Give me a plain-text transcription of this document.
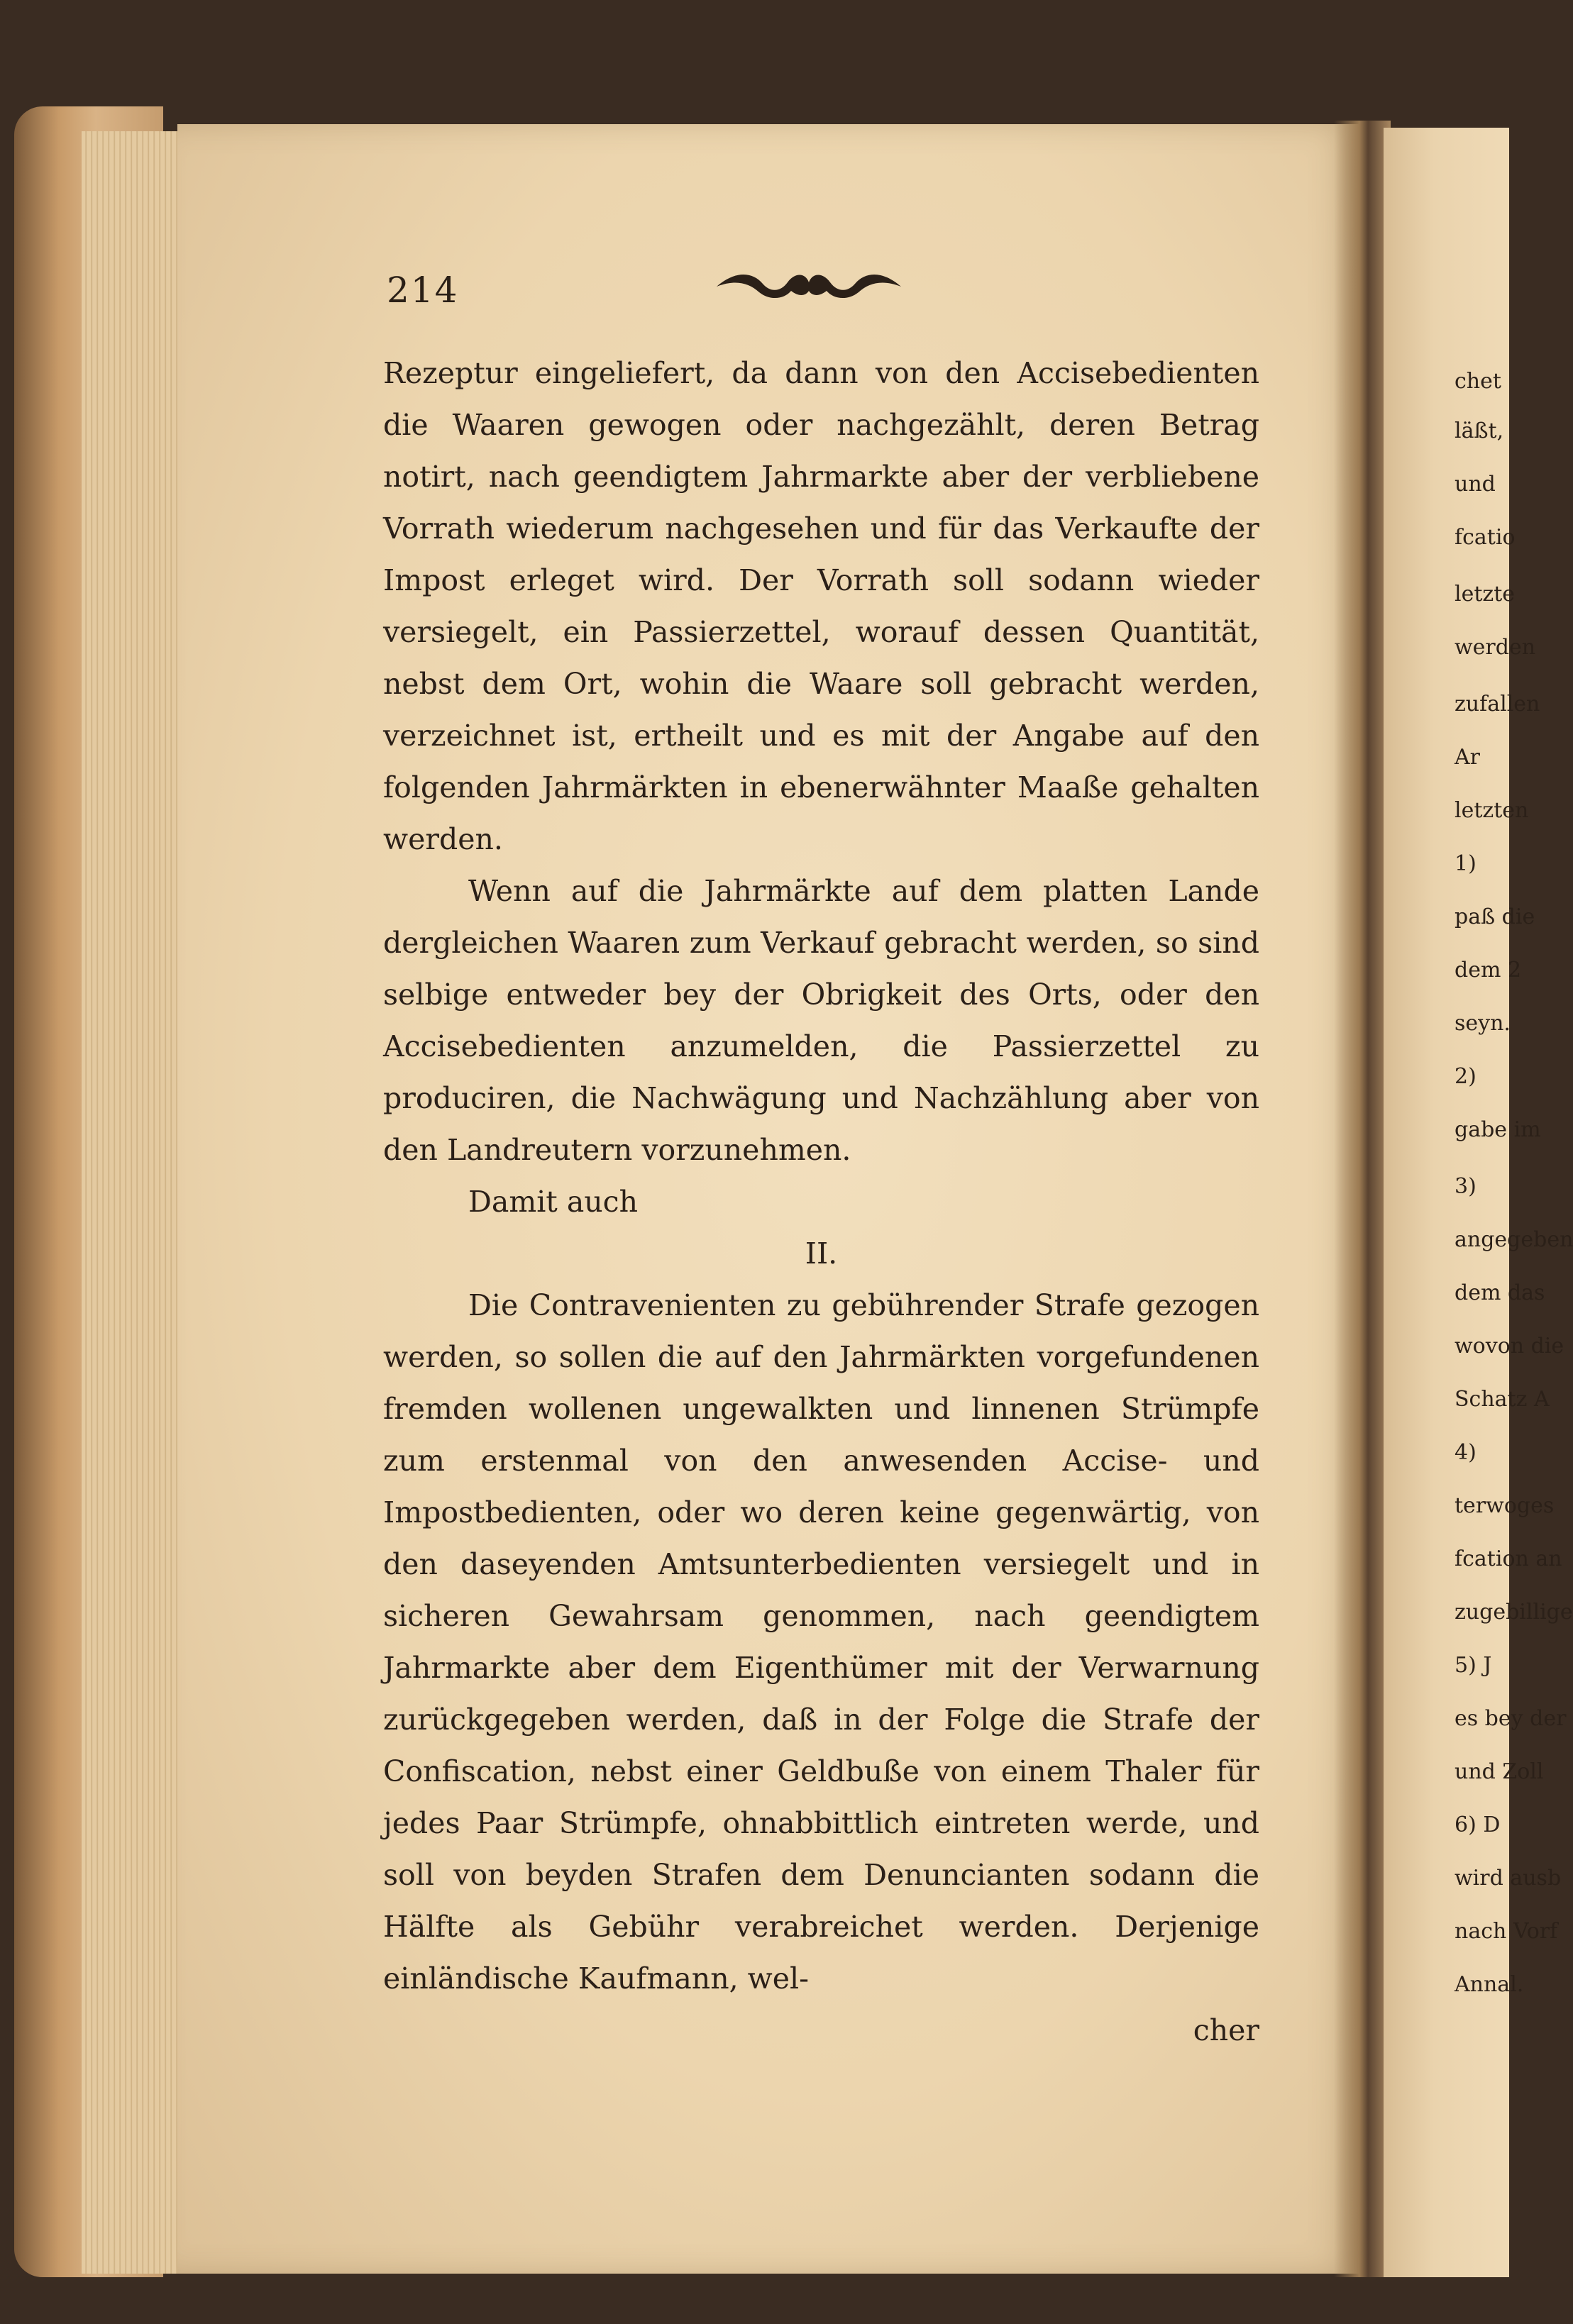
214

Rezeptur eingeliefert, da dann von den Accisebedienten die Waaren gewogen oder nachgezählt, deren Betrag notirt, nach geendigtem Jahrmarkte aber der verbliebene Vorrath wiederum nachgesehen und für das Verkaufte der Impost erleget wird. Der Vorrath soll sodann wieder versiegelt, ein Passierzettel, worauf dessen Quantität, nebst dem Ort, wohin die Waare soll gebracht werden, verzeichnet ist, ertheilt und es mit der Angabe auf den folgenden Jahrmärkten in ebenerwähnter Maaße gehalten werden.

Wenn auf die Jahrmärkte auf dem platten Lande dergleichen Waaren zum Verkauf gebracht werden, so sind selbige entweder bey der Obrigkeit des Orts, oder den Accisebedienten anzumelden, die Passierzettel zu produciren, die Nachwägung und Nachzählung aber von den Landreutern vorzunehmen.

Damit auch

II.

Die Contravenienten zu gebührender Strafe gezogen werden, so sollen die auf den Jahrmärkten vorgefundenen fremden wollenen ungewalkten und linnenen Strümpfe zum erstenmal von den anwesenden Accise- und Impostbedienten, oder wo deren keine gegenwärtig, von den daseyenden Amtsunterbedienten versiegelt und in sicheren Gewahrsam genommen, nach geendigtem Jahrmarkte aber dem Eigenthümer mit der Verwarnung zurückgegeben werden, daß in der Folge die Strafe der Confiscation, nebst einer Geldbuße von einem Thaler für jedes Paar Strümpfe, ohnabbittlich eintreten werde, und soll von beyden Strafen dem Denuncianten sodann die Hälfte als Gebühr verabreichet werden. Derjenige einländische Kaufmann, wel-

cher

chet
läßt,
und
fcatio
letzte
werden
zufallen
Ar
letzten
1)
paß die
dem 2
seyn.
2)
gabe im
3)
angegeben
dem das
wovon die
Schatz A
4)
terwoges
fcation an
zugebillige
5) J
es bey der
und Zoll
6) D
wird ausb
nach Vorf
Annal.
